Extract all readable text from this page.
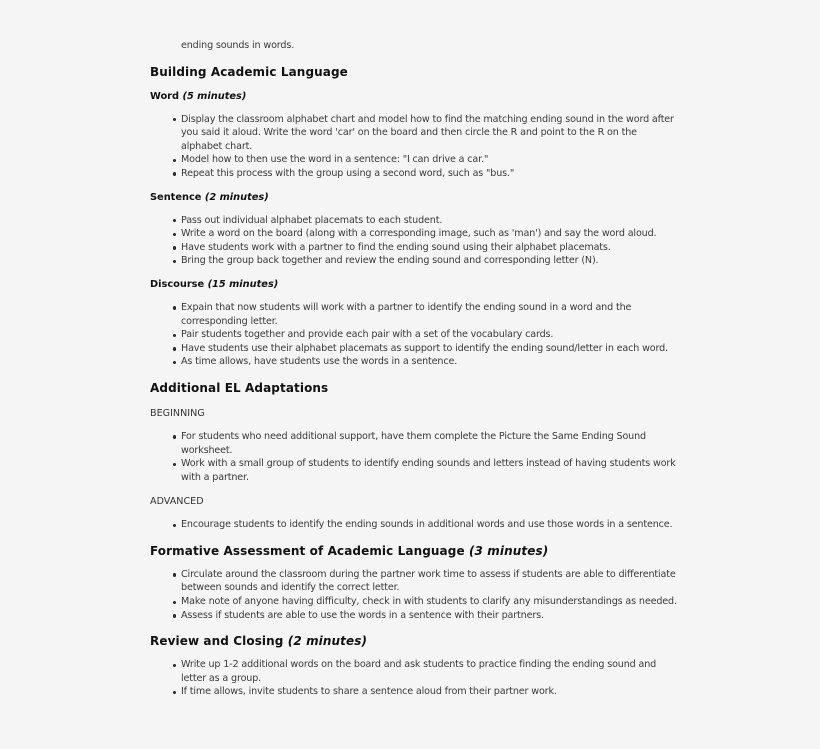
ending sounds in words.

Building Academic Language
Word (5 minutes)
Display the classroom alphabet chart and model how to find the matching ending sound in the word after you said it aloud. Write the word 'car' on the board and then circle the R and point to the R on the alphabet chart.
Model how to then use the word in a sentence: "I can drive a car."
Repeat this process with the group using a second word, such as "bus."
Sentence (2 minutes)
Pass out individual alphabet placemats to each student.
Write a word on the board (along with a corresponding image, such as 'man') and say the word aloud.
Have students work with a partner to find the ending sound using their alphabet placemats.
Bring the group back together and review the ending sound and corresponding letter (N).
Discourse (15 minutes)
Expain that now students will work with a partner to identify the ending sound in a word and the corresponding letter.
Pair students together and provide each pair with a set of the vocabulary cards.
Have students use their alphabet placemats as support to identify the ending sound/letter in each word.
As time allows, have students use the words in a sentence.
Additional EL Adaptations

BEGINNING

For students who need additional support, have them complete the Picture the Same Ending Sound worksheet.
Work with a small group of students to identify ending sounds and letters instead of having students work with a partner.

ADVANCED

Encourage students to identify the ending sounds in additional words and use those words in a sentence.
Formative Assessment of Academic Language (3 minutes)
Circulate around the classroom during the partner work time to assess if students are able to differentiate between sounds and identify the correct letter.
Make note of anyone having difficulty, check in with students to clarify any misunderstandings as needed.
Assess if students are able to use the words in a sentence with their partners.
Review and Closing (2 minutes)
Write up 1-2 additional words on the board and ask students to practice finding the ending sound and letter as a group.
If time allows, invite students to share a sentence aloud from their partner work.
